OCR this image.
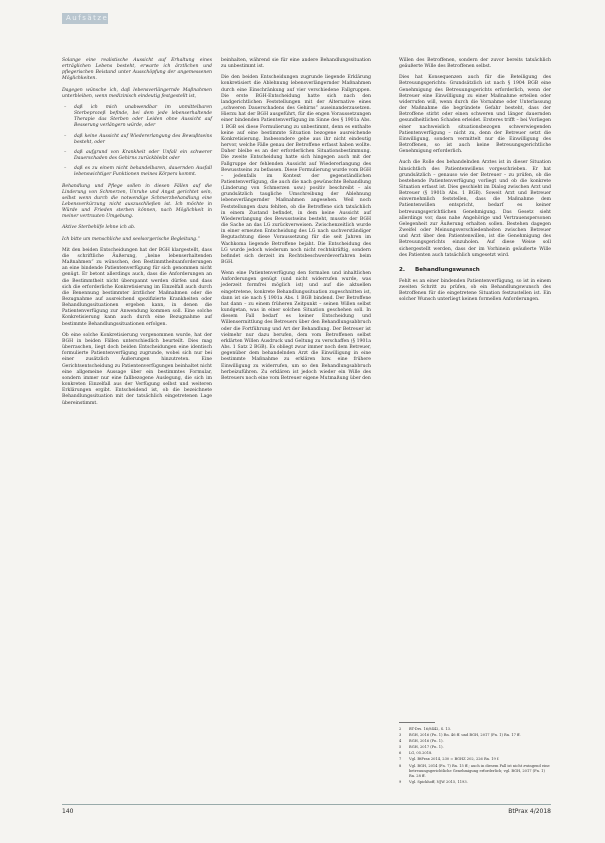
Aufsätze

Solange eine realistische Aussicht auf Erhaltung eines erträglichen Lebens besteht, erwarte ich ärztlichen und pflegerischen Beistand unter Ausschöpfung der angemessenen Möglichkeiten.

Dagegen wünsche ich, daß lebensverlängernde Maßnahmen unterbleiben, wenn medizinisch eindeutig festgestellt ist,

– daß ich mich unabwendbar im unmittelbaren Sterbeprozeß befinde, bei dem jede lebenserhaltende Therapie das Sterben oder Leiden ohne Aussicht auf Besserung verlängern würde, oder
– daß keine Aussicht auf Wiedererlangung des Bewußtseins besteht, oder
– daß aufgrund von Krankheit oder Unfall ein schwerer Dauerschaden des Gehirns zurückbleibt oder
– daß es zu einem nicht behandelbaren, dauernden Ausfall lebenswichtiger Funktionen meines Körpers kommt.

Behandlung und Pflege sollen in diesen Fällen auf die Linderung von Schmerzen, Unruhe und Angst gerichtet sein, selbst wenn durch die notwendige Schmerzbehandlung eine Lebensverkürzung nicht auszuschließen ist. Ich möchte in Würde und Frieden sterben können, nach Möglichkeit in meiner vertrauten Umgebung.

Aktive Sterbehilfe lehne ich ab.

Ich bitte um menschliche und seelsorgerische Begleitung.“

Mit den beiden Entscheidungen hat der BGH klargestellt, dass die schriftliche Äußerung, „keine lebenserhaltenden Maßnahmen“ zu wünschen, den Bestimmtheitsanforderungen an eine bindende Patientenverfügung für sich genommen nicht genügt. Er betont allerdings auch, dass die Anforderungen an die Bestimmtheit nicht überspannt werden dürfen und dass sich die erforderliche Konkretisierung im Einzelfall auch durch die Benennung bestimmter ärztlicher Maßnahmen oder die Bezugnahme auf ausreichend spezifizierte Krankheiten oder Behandlungssituationen ergeben kann, in denen die Patientenverfügung zur Anwendung kommen soll. Eine solche Konkretisierung kann auch durch eine Bezugnahme auf bestimmte Behandlungssituationen erfolgen.

Ob eine solche Konkretisierung vorgenommen wurde, hat der BGH in beiden Fällen unterschiedlich beurteilt. Dies mag überraschen, liegt doch beiden Entscheidungen eine identisch formulierte Patientenverfügung zugrunde, wobei sich nur bei einer zusätzlich Äußerungen hinzutreten. Eine Gerichtsentscheidung zu Patientenverfügungen beinhaltet nicht eine allgemeine Aussage über ein bestimmtes Formular, sondern immer nur eine fallbezogene Auslegung, die sich im konkreten Einzelfall aus der Verfügung selbst und weiteren Erklärungen ergibt. Entscheidend ist, ob die bezeichnete Behandlungssituation mit der tatsächlich eingetretenen Lage übereinstimmt.

beinhalten, während sie für eine andere Behandlungssituation zu unbestimmt ist.

Die den beiden Entscheidungen zugrunde liegende Erklärung konkretisiert die Ablehnung lebensverlängernder Maßnahmen durch eine Einschränkung auf vier verschiedene Fallgruppen. Die erste BGH-Entscheidung hatte sich nach den landgerichtlichen Feststellungen mit der Alternative eines „schweren Dauerschadens des Gehirns“ auseinanderzusetzen. Hierzu hat der BGH ausgeführt, für die engen Voraussetzungen einer bindenden Patientenverfügung im Sinne des § 1901a Abs. 1 BGB sei diese Formulierung zu unbestimmt, denn es enthalte keine auf eine bestimmte Situation bezogene ausreichende Konkretisierung. Insbesondere gehe aus ihr nicht eindeutig hervor, welche Fälle genau der Betroffene erfasst haben wollte. Daher bleibe es an der erforderlichen Situationsbestimmung. Die zweite Entscheidung hatte sich hingegen auch mit der Fallgruppe der fehlenden Aussicht auf Wiedererlangung des Bewusstseins zu befassen. Diese Formulierung wurde vom BGH – jedenfalls im Kontext der gegenständlichen Patientenverfügung, die auch die nach gewünschte Behandlung (Linderung von Schmerzen usw.) positiv beschreibt – als grundsätzlich taugliche Umschreibung der Ablehnung lebensverlängernder Maßnahmen angesehen. Weil noch Feststellungen dazu fehlten, ob die Betroffene sich tatsächlich in einem Zustand befindet, in dem keine Aussicht auf Wiedererlangung des Bewusstseins besteht, musste der BGH die Sache an das LG zurückverweisen. Zwischenzeitlich wurde in einer erneuten Entscheidung des LG nach sachverständiger Begutachtung diese Voraussetzung für die seit Jahren im Wachkoma liegende Betroffene bejaht. Die Entscheidung des LG wurde jedoch wiederum noch nicht rechtskräftig, sondern befindet sich derzeit im Rechtsbeschwerdeverfahren beim BGH.

Wenn eine Patientenverfügung den formalen und inhaltlichen Anforderungen genügt (und nicht widerrufen wurde, was jederzeit formfrei möglich ist) und auf die aktuellen eingetretene, konkrete Behandlungssituation zugeschnitten ist, dann ist sie nach § 1901a Abs. 1 BGB bindend. Der Betroffene hat dann – zu einem früheren Zeitpunkt – seinen Willen selbst kundgetan, was in einer solchen Situation geschehen soll. In diesem Fall bedarf es keiner Entscheidung und Willensermittlung des Betreuers über den Behandlungsabbruch oder die Fortführung und Art der Behandlung. Der Betreuer ist vielmehr nur dazu berufen, dem vom Betroffenen selbst erklärten Willen Ausdruck und Geltung zu verschaffen (§ 1901a Abs. 1 Satz 2 BGB). Es obliegt zwar immer noch dem Betreuer, gegenüber dem behandelnden Arzt die Einwilligung in eine bestimmte Maßnahme zu erklären bzw. eine frühere Einwilligung zu widerrufen, um so den Behandlungsabbruch herbeizuführen. Zu erklären ist jedoch wieder ein Wille des Betreuers noch eine vom Betreuer eigene Mutmaßung über den

Willen des Betroffenen, sondern der zuvor bereits tatsächlich geäußerte Wille des Betroffenen selbst.

Dies hat Konsequenzen auch für die Beteiligung des Betreuungsgerichts: Grundsätzlich ist nach § 1904 BGB eine Genehmigung des Betreuungsgerichts erforderlich, wenn der Betreuer eine Einwilligung zu einer Maßnahme erteilen oder widerrufen will, wenn durch die Vornahme oder Unterlassung der Maßnahme die begründete Gefahr besteht, dass der Betroffene stirbt oder einen schweren und länger dauernden gesundheitlichen Schaden erleidet. Ersteres trifft – bei Vorliegen einer nachweislich situationsbezogen schwerwiegenden Patientenverfügung – nicht zu, denn der Betreuer setzt die Einwilligung, sondern vermittelt nur die Einwilligung des Betroffenen, so ist auch keine Betreuungsgerichtliche Genehmigung erforderlich.

Auch die Rolle des behandelnden Arztes ist in dieser Situation hinsichtlich des Patientenwillens vorgeschrieben. Er hat grundsätzlich – genauso wie der Betreuer – zu prüfen, ob die bestehende Patientenverfügung vorliegt und ob die konkrete Situation erfasst ist. Dies geschieht im Dialog zwischen Arzt und Betreuer (§ 1901b Abs. 1 BGB). Soweit Arzt und Betreuer einvernehmlich feststellen, dass die Maßnahme dem Patientenwillen entspricht, bedarf es keiner betreuungsgerichtlichen Genehmigung. Das Gesetz sieht allerdings vor, dass nahe Angehörige und Vertrauenspersonen Gelegenheit zur Äußerung erhalten sollen. Bestehen dagegen Zweifel oder Meinungsverschiedenheiten zwischen Betreuer und Arzt über den Patientenwillen, ist die Genehmigung des Betreuungsgerichts einzuholen. Auf diese Weise soll sichergestellt werden, dass der im Vorhinein geäußerte Wille des Patienten auch tatsächlich umgesetzt wird.

2. Behandlungswunsch

Fehlt es an einer bindenden Patientenverfügung, so ist in einem zweiten Schritt zu prüfen, ob ein Behandlungswunsch des Betroffenen für die eingetretene Situation festzustellen ist. Ein solcher Wunsch unterliegt keinen formellen Anforderungen.

2	BT-Drs. 16/8442, S. 13.
3	BGH, 2016 (Fn. 1) Rn. 46 ff. und BGH, 2017 (Fn. 1) Rn. 17 ff.
4	BGH, 2016 (Fn. 1).
5	BGH, 2017 (Fn. 1).
6	LG, 05.2018.
7	Vgl. BtPrax 2014, 230 = BGHZ 202, 226 Rn. 19 f.
8	Vgl. BGH, 2014 (Fn. 7) Rn. 15 ff.; auch in diesem Fall ist nicht zwingend eine betreuungsgerichtliche Genehmigung erforderlich; vgl. BGH, 2017 (Fn. 1) Rn. 28 ff.
9	Vgl. Spickhoff, NJW 2015, 1193.
140	BtPrax 4/2018
